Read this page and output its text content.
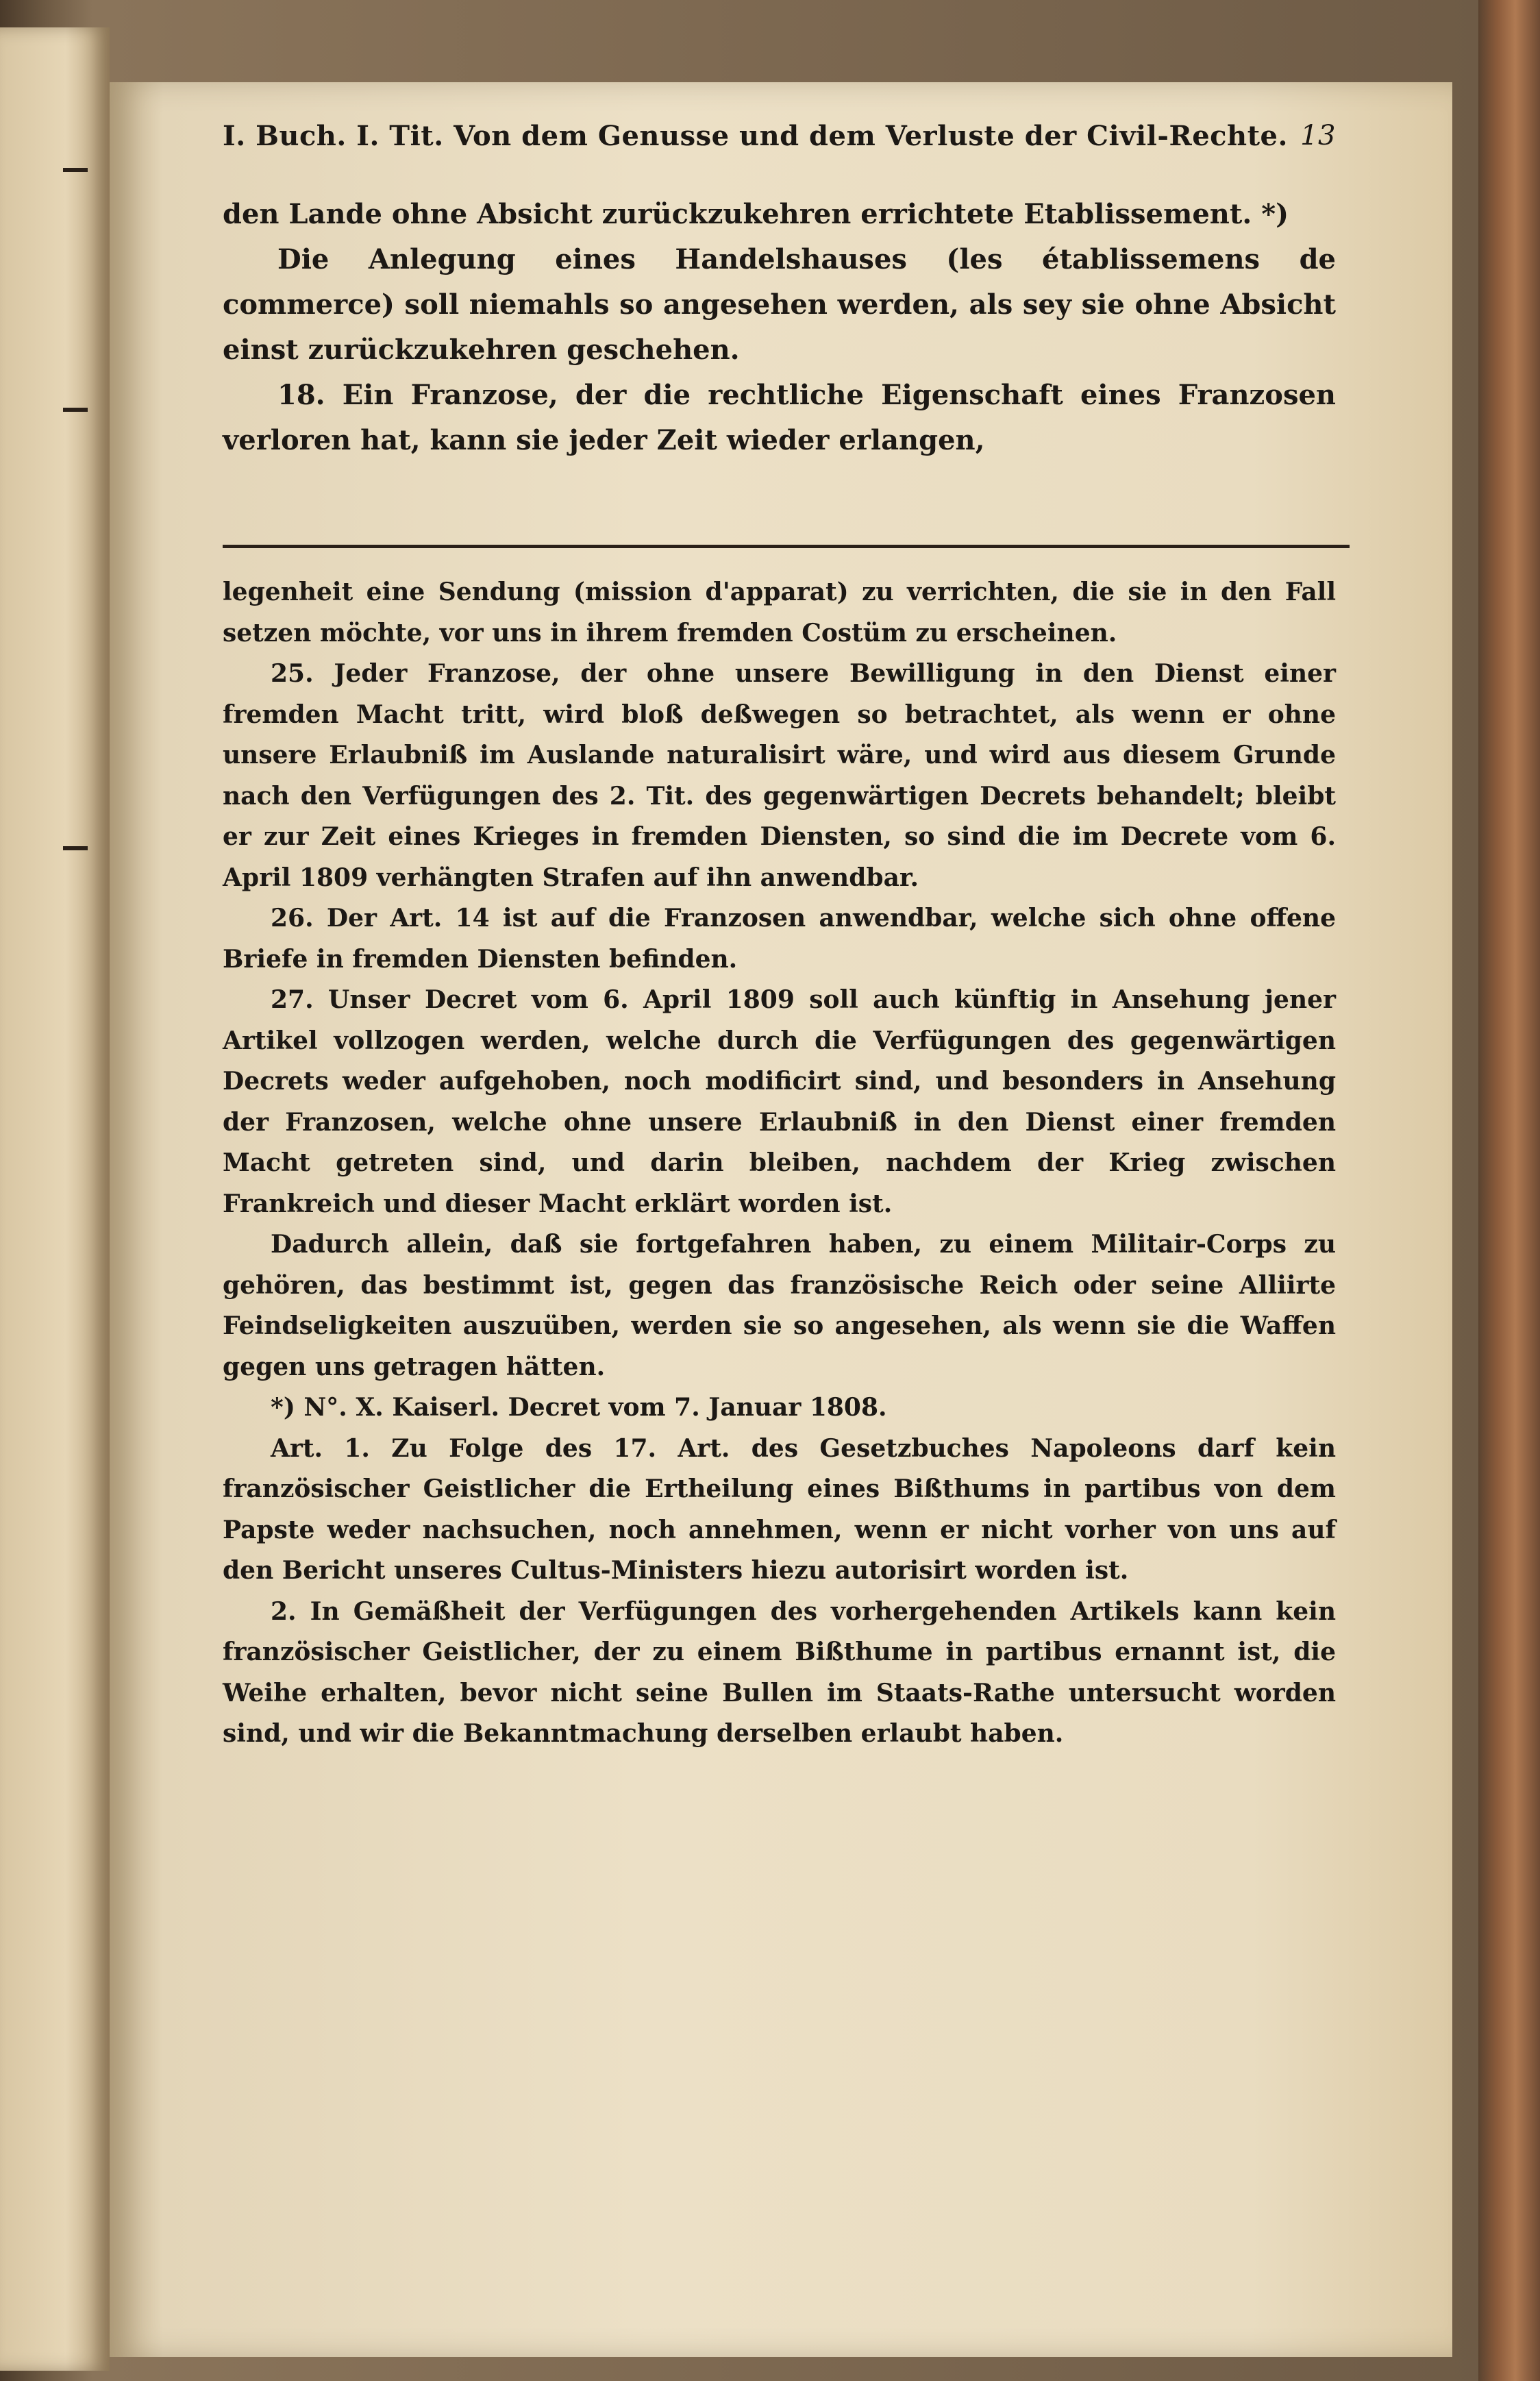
I. Buch. I. Tit. Von dem Genusse und dem Verluste der Civil-Rechte. 13

den Lande ohne Absicht zurückzukehren errichtete Etablissement. *)

Die Anlegung eines Handelshauses (les établissemens de commerce) soll niemahls so angesehen werden, als sey sie ohne Absicht einst zurückzukehren geschehen.

18. Ein Franzose, der die rechtliche Eigenschaft eines Franzosen verloren hat, kann sie jeder Zeit wieder erlangen,

legenheit eine Sendung (mission d'apparat) zu verrichten, die sie in den Fall setzen möchte, vor uns in ihrem fremden Costüm zu erscheinen.

25. Jeder Franzose, der ohne unsere Bewilligung in den Dienst einer fremden Macht tritt, wird bloß deßwegen so betrachtet, als wenn er ohne unsere Erlaubniß im Auslande naturalisirt wäre, und wird aus diesem Grunde nach den Verfügungen des 2. Tit. des gegenwärtigen Decrets behandelt; bleibt er zur Zeit eines Krieges in fremden Diensten, so sind die im Decrete vom 6. April 1809 verhängten Strafen auf ihn anwendbar.

26. Der Art. 14 ist auf die Franzosen anwendbar, welche sich ohne offene Briefe in fremden Diensten befinden.

27. Unser Decret vom 6. April 1809 soll auch künftig in Ansehung jener Artikel vollzogen werden, welche durch die Verfügungen des gegenwärtigen Decrets weder aufgehoben, noch modificirt sind, und besonders in Ansehung der Franzosen, welche ohne unsere Erlaubniß in den Dienst einer fremden Macht getreten sind, und darin bleiben, nachdem der Krieg zwischen Frankreich und dieser Macht erklärt worden ist.

Dadurch allein, daß sie fortgefahren haben, zu einem Militair-Corps zu gehören, das bestimmt ist, gegen das französische Reich oder seine Alliirte Feindseligkeiten auszuüben, werden sie so angesehen, als wenn sie die Waffen gegen uns getragen hätten.

*) N°. X. Kaiserl. Decret vom 7. Januar 1808.

Art. 1. Zu Folge des 17. Art. des Gesetzbuches Napoleons darf kein französischer Geistlicher die Ertheilung eines Bißthums in partibus von dem Papste weder nachsuchen, noch annehmen, wenn er nicht vorher von uns auf den Bericht unseres Cultus-Ministers hiezu autorisirt worden ist.

2. In Gemäßheit der Verfügungen des vorhergehenden Artikels kann kein französischer Geistlicher, der zu einem Bißthume in partibus ernannt ist, die Weihe erhalten, bevor nicht seine Bullen im Staats-Rathe untersucht worden sind, und wir die Bekanntmachung derselben erlaubt haben.
